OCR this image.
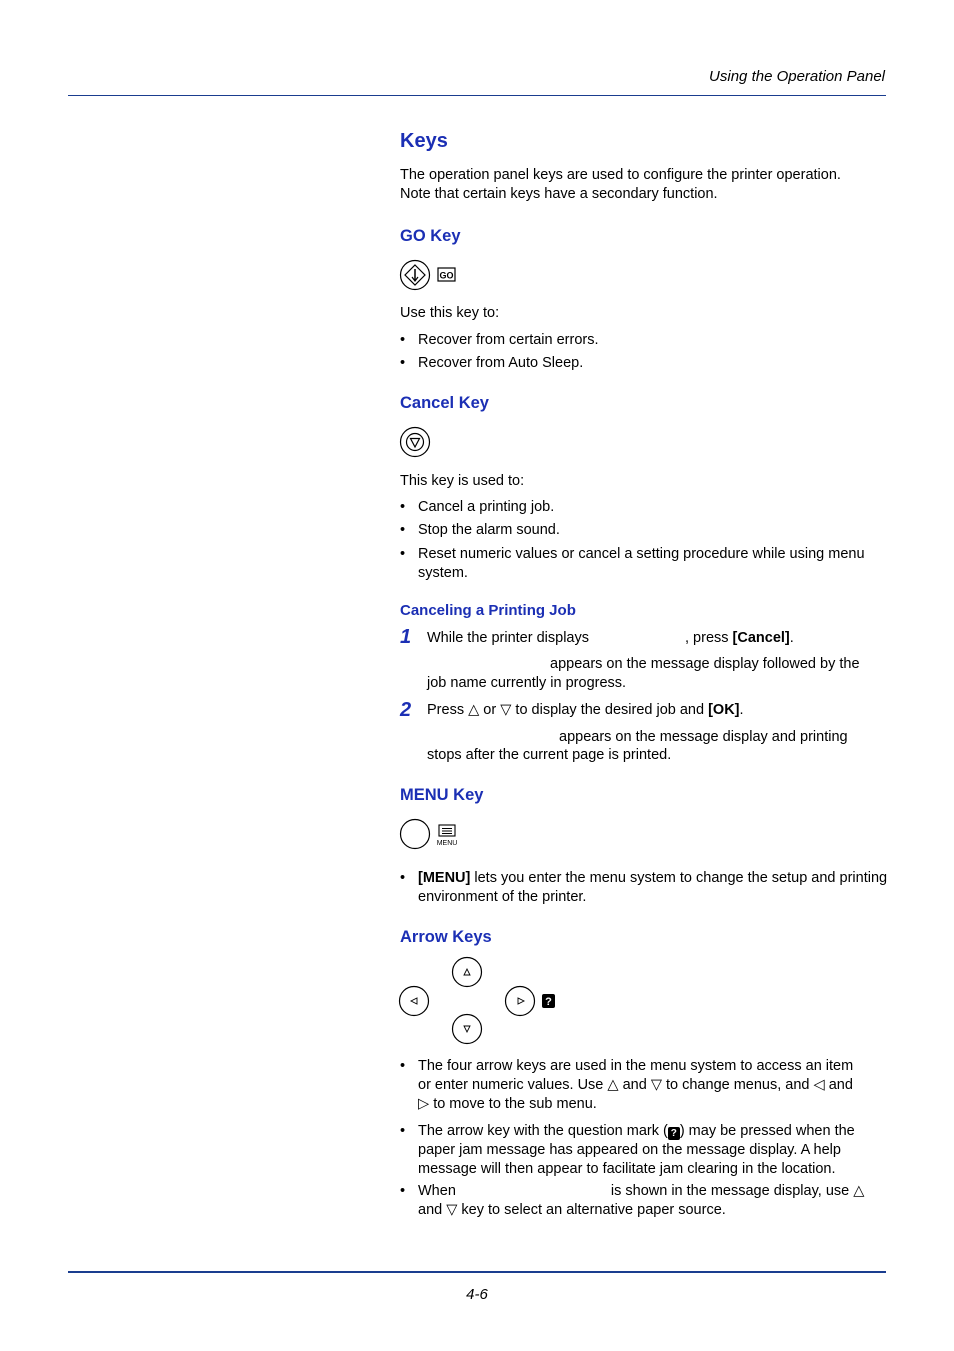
Using the Operation Panel
Keys
The operation panel keys are used to configure the printer operation.
Note that certain keys have a secondary function.
GO Key
GO
Use this key to:
• Recover from certain errors.
• Recover from Auto Sleep.
Cancel Key
This key is used to:
• Cancel a printing job.
• Stop the alarm sound.
• Reset numeric values or cancel a setting procedure while using menu system.
Canceling a Printing Job
1 While the printer displays	, press [Cancel].
appears on the message display followed by the
job name currently in progress.
2 Press △ or ▽ to display the desired job and [OK].
appears on the message display and printing
stops after the current page is printed.
MENU Key
MENU
• [MENU] lets you enter the menu system to change the setup and printing environment of the printer.
Arrow Keys
?
• The four arrow keys are used in the menu system to access an item
or enter numeric values. Use △ and ▽ to change menus, and ◁ and
▷ to move to the sub menu.
• The arrow key with the question mark ( ? ) may be pressed when the
paper jam message has appeared on the message display. A help
message will then appear to facilitate jam clearing in the location.
• When	is shown in the message display, use △
and ▽ key to select an alternative paper source.
4-6
